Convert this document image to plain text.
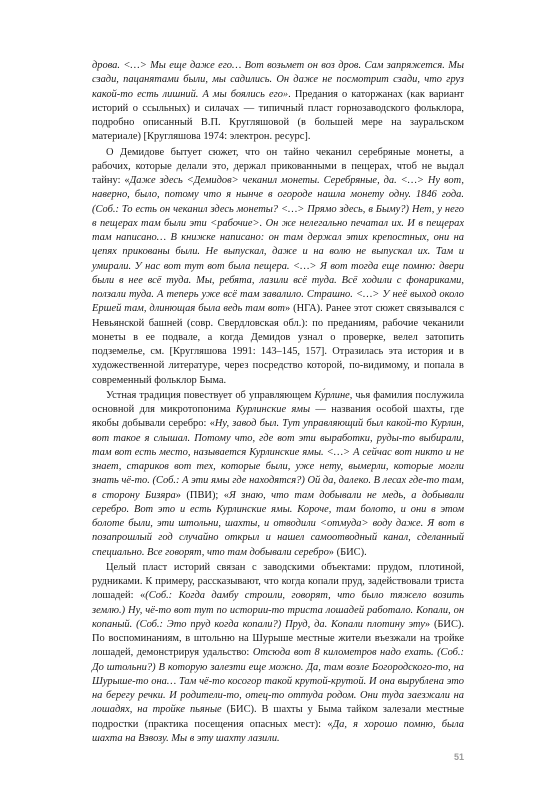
дрова. <…> Мы еще даже его… Вот возьмет он воз дров. Сам запряжется. Мы сзади, пацанятами были, мы садились. Он даже не посмотрит сзади, что груз какой-то есть лишний. А мы боялись его». Предания о каторжанах (как вариант историй о ссыльных) и силачах — типичный пласт горнозаводского фольклора, подробно описанный В.П. Кругляшовой (в большей мере на зауральском материале) [Кругляшова 1974: электрон. ресурс].

О Демидове бытует сюжет, что он тайно чеканил серебряные монеты, а рабочих, которые делали это, держал прикованными в пещерах, чтоб не выдал тайну: «Даже здесь <Демидов> чеканил монеты. Серебряные, да. <…> Ну вот, наверно, было, потому что я нынче в огороде нашла монету одну. 1846 года. (Соб.: То есть он чеканил здесь монеты? <…> Прямо здесь, в Быму?) Нет, у него в пещерах там были эти <рабочие>. Он же нелегально печатал их. И в пещерах там написано… В книжке написано: он там держал этих крепостных, они на цепях прикованы были. Не выпускал, даже и на волю не выпускал их. Там и умирали. У нас вот тут вот была пещера. <…> Я вот тогда еще помню: двери были в нее всё туда. Мы, ребята, лазили всё туда. Всё ходили с фонариками, ползали туда. А теперь уже всё там завалило. Страшно. <…> У неё выход около Ершей там, длинющая была ведь там вот» (НГА). Ранее этот сюжет связывался с Невьянской башней (совр. Свердловская обл.): по преданиям, рабочие чеканили монеты в ее подвале, а когда Демидов узнал о проверке, велел затопить подземелье, см. [Кругляшова 1991: 143–145, 157]. Отразилась эта история и в художественной литературе, через посредство которой, по-видимому, и попала в современный фольклор Быма.

Устная традиция повествует об управляющем Ку́рлине, чья фамилия послужила основной для микротопонима Курлинские ямы — названия особой шахты, где якобы добывали серебро: «Ну, завод был. Тут управляющий был какой-то Курлин, вот такое я слышал. Потому что, где вот эти выработки, руды-то выбирали, там вот есть место, называется Курлинские ямы. <…> А сейчас вот никто и не знает, стариков вот тех, которые были, уже нету, вымерли, которые могли знать чё-то. (Соб.: А эти ямы где находятся?) Ой да, далеко. В лесах где-то там, в сторону Бизяра» (ПВИ); «Я знаю, что там добывали не медь, а добывали серебро. Вот это и есть Курлинские ямы. Короче, там болото, и они в этом болоте были, эти штольни, шахты, и отводили <отмуда> воду даже. Я вот в позапрошлый год случайно открыл и нашел самоотводный канал, сделанный специально. Все говорят, что там добывали серебро» (БИС).

Целый пласт историй связан с заводскими объектами: прудом, плотиной, рудниками. К примеру, рассказывают, что когда копали пруд, задействовали триста лошадей: «(Соб.: Когда дамбу строили, говорят, что было тяжело возить землю.) Ну, чё-то вот тут по истории-то триста лошадей работало. Копали, он копаный. (Соб.: Это пруд когда копали?) Пруд, да. Копали плотину эту» (БИС). По воспоминаниям, в штольню на Шурыше местные жители въезжали на тройке лошадей, демонстрируя удальство: Отсюда вот 8 километров надо ехать. (Соб.: До штольни?) В которую залезти еще можно. Да, там возле Богородского-то, на Шурыше-то она… Там чё-то косогор такой крутой-крутой. И она вырублена это на берегу речки. И родители-то, отец-то оттуда родом. Они туда заезжали на лошадях, на тройке пьяные (БИС). В шахты у Быма тайком залезали местные подростки (практика посещения опасных мест): «Да, я хорошо помню, была шахта на Взвозу. Мы в эту шахту лазили.

51
